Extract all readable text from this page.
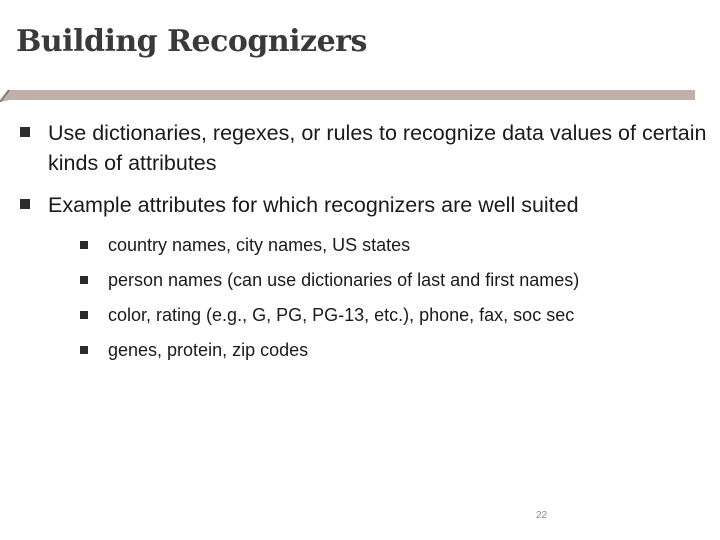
Building Recognizers
Use dictionaries, regexes, or rules to recognize data values of certain kinds of attributes
Example attributes for which recognizers are well suited
country names, city names, US states
person names (can use dictionaries of last and first names)
color, rating (e.g., G, PG, PG-13, etc.), phone, fax, soc sec
genes, protein, zip codes
22
